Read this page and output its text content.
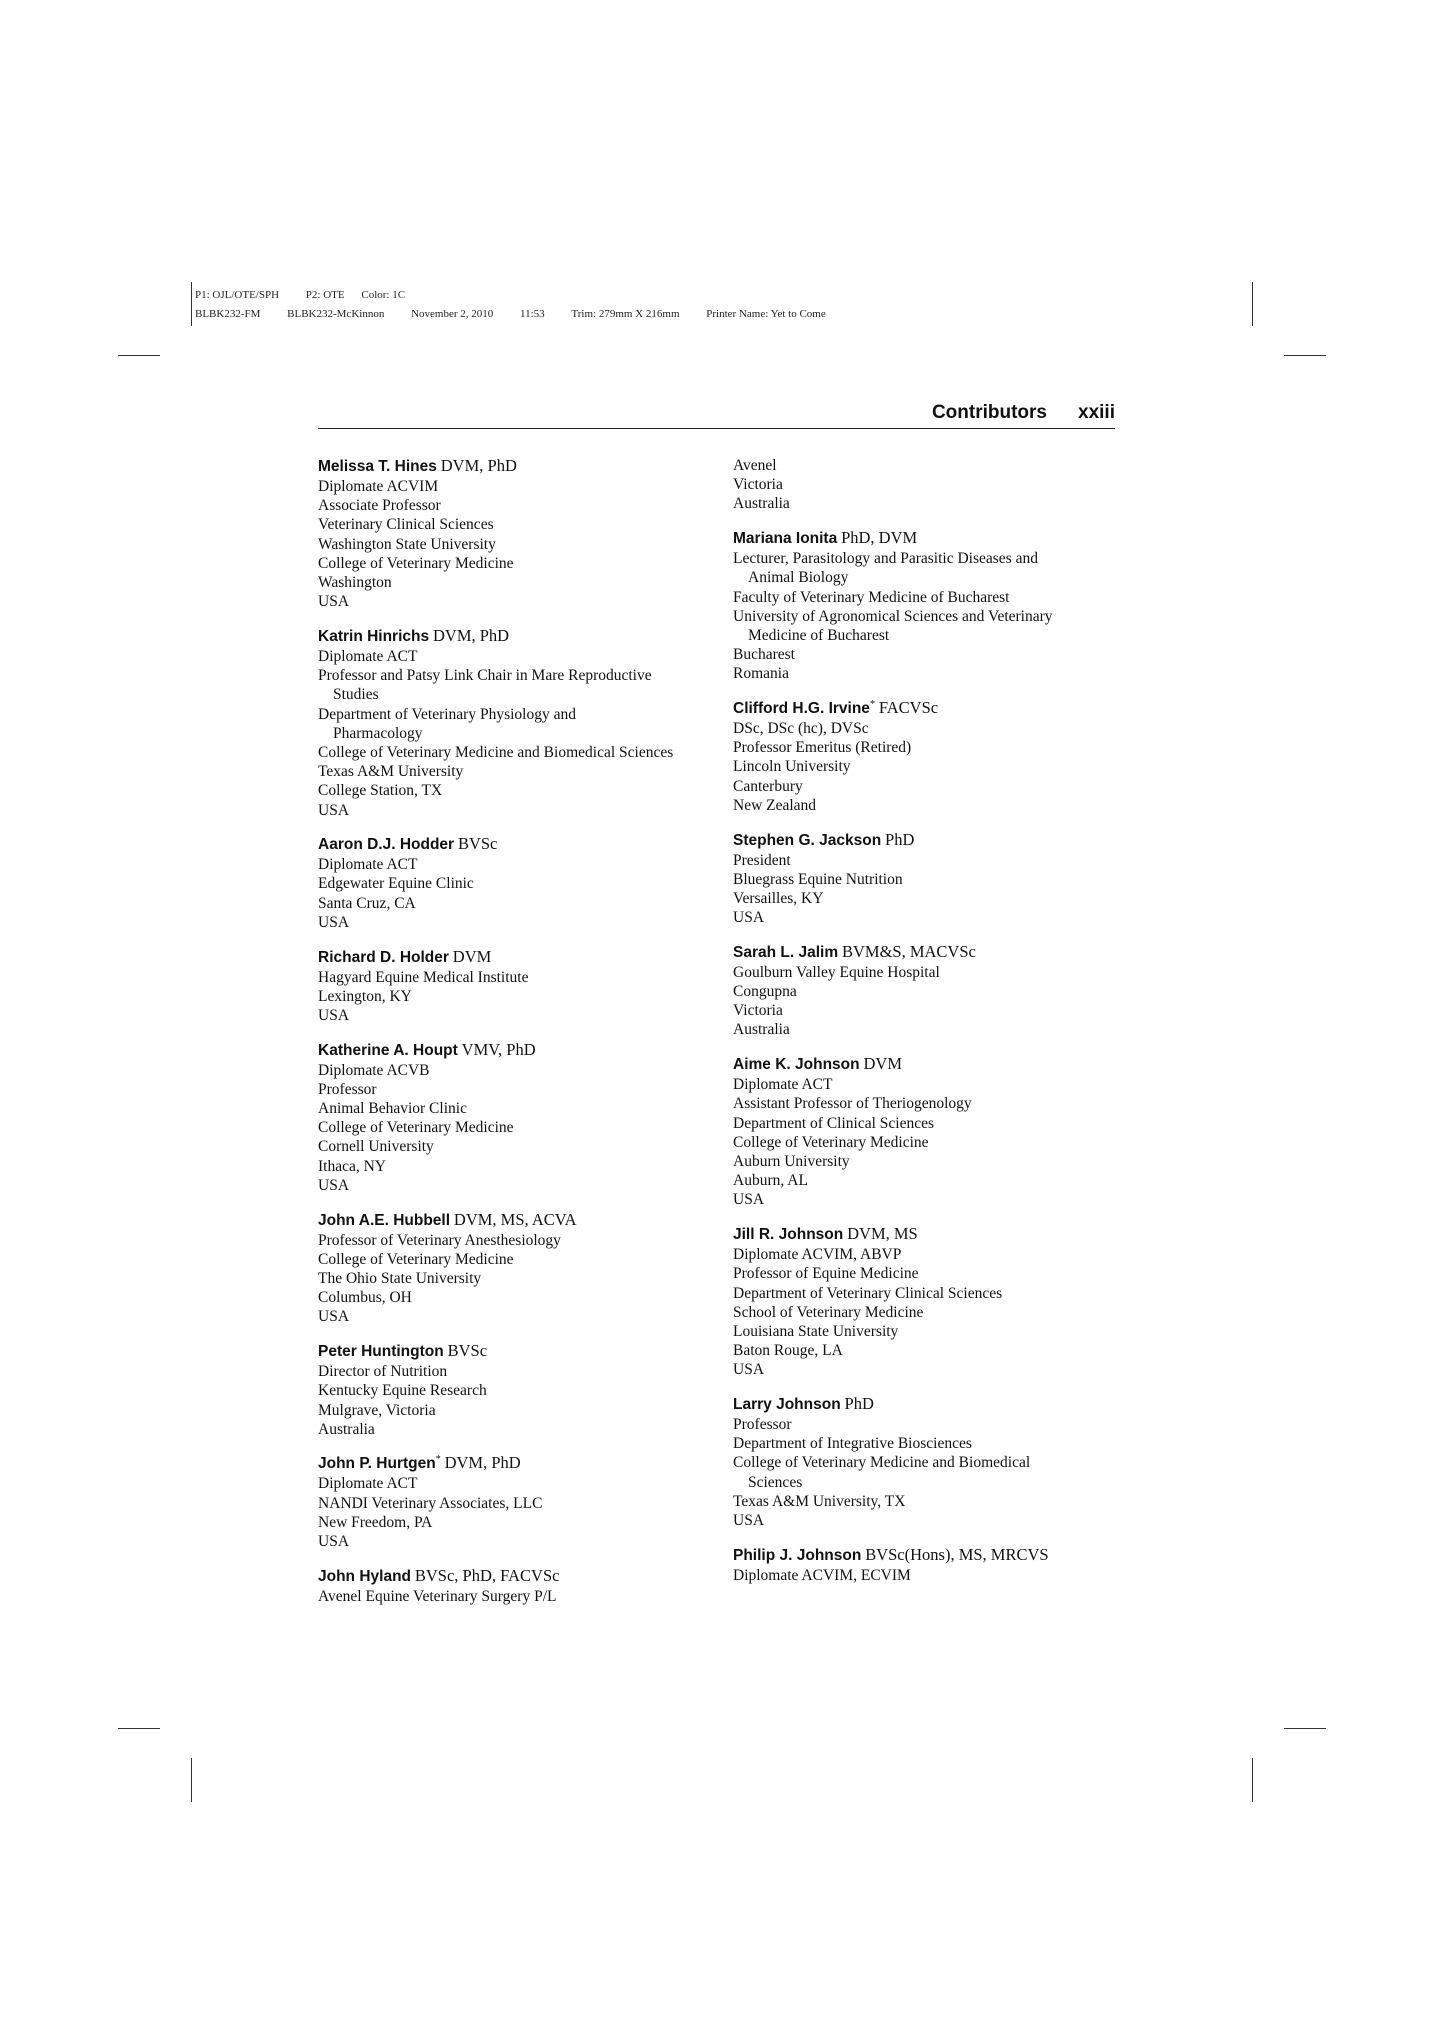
P1: OJL/OTE/SPH P2: OTE Color: 1C
BLBK232-FM BLBK232-McKinnon November 2, 2010 11:53 Trim: 279mm X 216mm Printer Name: Yet to Come
Contributors xxiii
Melissa T. Hines DVM, PhD
Diplomate ACVIM
Associate Professor
Veterinary Clinical Sciences
Washington State University
College of Veterinary Medicine
Washington
USA
Katrin Hinrichs DVM, PhD
Diplomate ACT
Professor and Patsy Link Chair in Mare Reproductive
Studies
Department of Veterinary Physiology and
Pharmacology
College of Veterinary Medicine and Biomedical Sciences
Texas A&M University
College Station, TX
USA
Aaron D.J. Hodder BVSc
Diplomate ACT
Edgewater Equine Clinic
Santa Cruz, CA
USA
Richard D. Holder DVM
Hagyard Equine Medical Institute
Lexington, KY
USA
Katherine A. Houpt VMV, PhD
Diplomate ACVB
Professor
Animal Behavior Clinic
College of Veterinary Medicine
Cornell University
Ithaca, NY
USA
John A.E. Hubbell DVM, MS, ACVA
Professor of Veterinary Anesthesiology
College of Veterinary Medicine
The Ohio State University
Columbus, OH
USA
Peter Huntington BVSc
Director of Nutrition
Kentucky Equine Research
Mulgrave, Victoria
Australia
John P. Hurtgen* DVM, PhD
Diplomate ACT
NANDI Veterinary Associates, LLC
New Freedom, PA
USA
John Hyland BVSc, PhD, FACVSc
Avenel Equine Veterinary Surgery P/L
Avenel
Victoria
Australia
Mariana Ionita PhD, DVM
Lecturer, Parasitology and Parasitic Diseases and
Animal Biology
Faculty of Veterinary Medicine of Bucharest
University of Agronomical Sciences and Veterinary
Medicine of Bucharest
Bucharest
Romania
Clifford H.G. Irvine* FACVSc
DSc, DSc (hc), DVSc
Professor Emeritus (Retired)
Lincoln University
Canterbury
New Zealand
Stephen G. Jackson PhD
President
Bluegrass Equine Nutrition
Versailles, KY
USA
Sarah L. Jalim BVM&S, MACVSc
Goulburn Valley Equine Hospital
Congupna
Victoria
Australia
Aime K. Johnson DVM
Diplomate ACT
Assistant Professor of Theriogenology
Department of Clinical Sciences
College of Veterinary Medicine
Auburn University
Auburn, AL
USA
Jill R. Johnson DVM, MS
Diplomate ACVIM, ABVP
Professor of Equine Medicine
Department of Veterinary Clinical Sciences
School of Veterinary Medicine
Louisiana State University
Baton Rouge, LA
USA
Larry Johnson PhD
Professor
Department of Integrative Biosciences
College of Veterinary Medicine and Biomedical
Sciences
Texas A&M University, TX
USA
Philip J. Johnson BVSc(Hons), MS, MRCVS
Diplomate ACVIM, ECVIM
